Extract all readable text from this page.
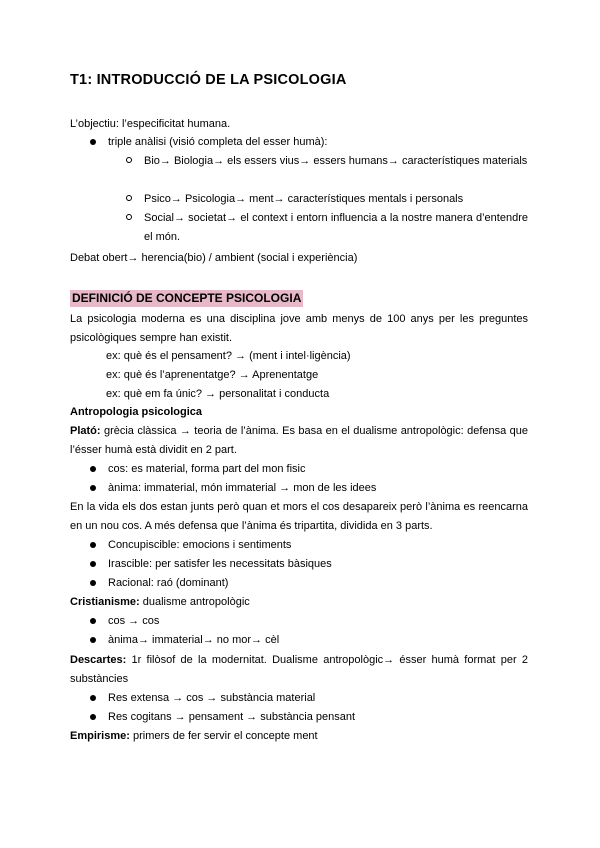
T1: INTRODUCCIÓ DE LA PSICOLOGIA
L’objectiu: l’especificitat humana.
triple anàlisi (visió completa del esser humà):
Bio→ Biologia→ els essers vius→ essers humans→ característiques materials
Psico→ Psicologia→ ment→ característiques mentals i personals
Social→ societat→ el context i entorn influencia a la nostre manera d’entendre el món.
Debat obert→ herencia(bio) / ambient (social i experiència)
DEFINICIÓ DE CONCEPTE PSICOLOGIA
La psicologia moderna es una disciplina jove amb menys de 100 anys per les preguntes psicològiques sempre han existit.
ex: què és el pensament? → (ment i intel·ligència)
ex: què és l’aprenentatge? → Aprenentatge
ex: què em fa únic? → personalitat i conducta
Antropologia psicologica
Plató: grècia clàssica → teoria de l’ànima. Es basa en el dualisme antropològic: defensa que l’ésser humà està dividit en 2 part.
cos: es material, forma part del mon fisic
ànima: immaterial, món immaterial → mon de les idees
En la vida els dos estan junts però quan et mors el cos desapareix però l’ànima es reencarna en un nou cos. A més defensa que l’ànima és tripartita, dividida en 3 parts.
Concupiscible: emocions i sentiments
Irascible: per satisfer les necessitats bàsiques
Racional: raó (dominant)
Cristianisme: dualisme antropològic
cos → cos
ànima→ immaterial→ no mor→ cèl
Descartes: 1r filòsof de la modernitat. Dualisme antropològic→ ésser humà format per 2 substàncies
Res extensa → cos → substància material
Res cogitans → pensament → substància pensant
Empirisme: primers de fer servir el concepte ment
